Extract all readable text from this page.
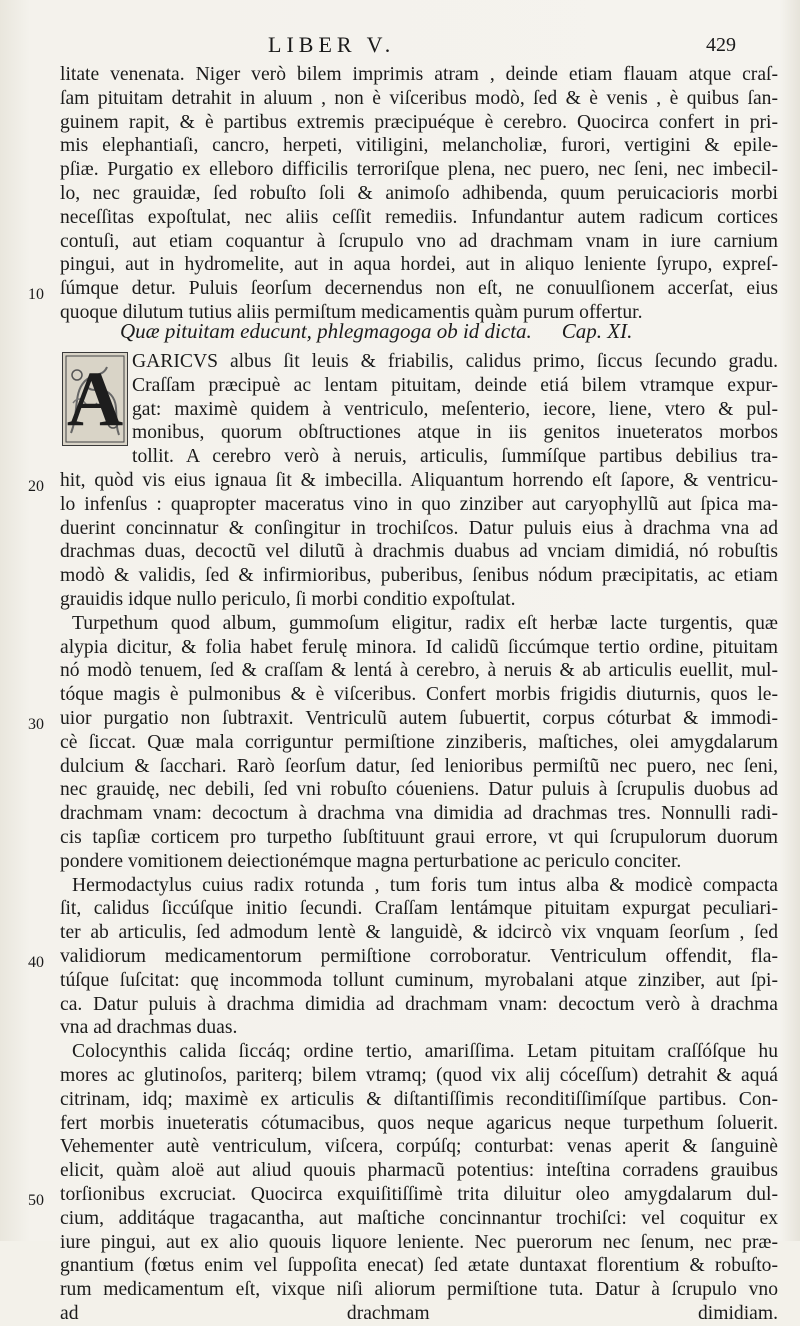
LIBER V.	429
Quæ pituitam educunt, phlegmagoga ob id dicta. Cap. XI.
A
litate venenata. Niger verò bilem imprimis atram , deinde etiam flauam atque craſ-
ſam pituitam detrahit in aluum , non è viſceribus modò, ſed & è venis , è quibus ſan-
guinem rapit, & è partibus extremis præcipuéque è cerebro. Quocirca confert in pri-
mis elephantiaſi, cancro, herpeti, vitiligini, melancholiæ, furori, vertigini & epile-
pſiæ. Purgatio ex elleboro difficilis terroriſque plena, nec puero, nec ſeni, nec imbecil-
lo, nec grauidæ, ſed robuſto ſoli & animoſo adhibenda, quum peruicacioris morbi
neceſſitas expoſtulat, nec aliis ceſſit remediis. Infundantur autem radicum cortices
contuſi, aut etiam coquantur à ſcrupulo vno ad drachmam vnam in iure carnium
pingui, aut in hydromelite, aut in aqua hordei, aut in aliquo leniente ſyrupo, expreſ-
ſúmque detur. Puluis ſeorſum decernendus non eſt, ne conuulſionem accerſat, eius
quoque dilutum tutius aliis permiſtum medicamentis quàm purum offertur.
GARICVS albus ſit leuis & friabilis, calidus primo, ſiccus ſecundo gradu.
Craſſam præcipuè ac lentam pituitam, deinde etiá bilem vtramque expur-
gat: maximè quidem à ventriculo, meſenterio, iecore, liene, vtero & pul-
monibus, quorum obſtructiones atque in iis genitos inueteratos morbos
tollit. A cerebro verò à neruis, articulis, ſummíſque partibus debilius tra-
hit, quòd vis eius ignaua ſit & imbecilla. Aliquantum horrendo eſt ſapore, & ventricu-
lo infenſus : quapropter maceratus vino in quo zinziber aut caryophyllũ aut ſpica ma-
duerint concinnatur & conſingitur in trochiſcos. Datur puluis eius à drachma vna ad
drachmas duas, decoctũ vel dilutũ à drachmis duabus ad vnciam dimidiá, nó robuſtis
modò & validis, ſed & infirmioribus, puberibus, ſenibus nódum præcipitatis, ac etiam
grauidis idque nullo periculo, ſi morbi conditio expoſtulat.
Turpethum quod album, gummoſum eligitur, radix eſt herbæ lacte turgentis, quæ
alypia dicitur, & folia habet ferulę minora. Id calidũ ſiccúmque tertio ordine, pituitam
nó modò tenuem, ſed & craſſam & lentá à cerebro, à neruis & ab articulis euellit, mul-
tóque magis è pulmonibus & è viſceribus. Confert morbis frigidis diuturnis, quos le-
uior purgatio non ſubtraxit. Ventriculũ autem ſubuertit, corpus cóturbat & immodi-
cè ſiccat. Quæ mala corriguntur permiſtione zinziberis, maſtiches, olei amygdalarum
dulcium & ſacchari. Rarò ſeorſum datur, ſed lenioribus permiſtũ nec puero, nec ſeni,
nec grauidę, nec debili, ſed vni robuſto cóueniens. Datur puluis à ſcrupulis duobus ad
drachmam vnam: decoctum à drachma vna dimidia ad drachmas tres. Nonnulli radi-
cis tapſiæ corticem pro turpetho ſubſtituunt graui errore, vt qui ſcrupulorum duorum
pondere vomitionem deiectionémque magna perturbatione ac periculo conciter.
Hermodactylus cuius radix rotunda , tum foris tum intus alba & modicè compacta
ſit, calidus ſiccúſque initio ſecundi. Craſſam lentámque pituitam expurgat peculiari-
ter ab articulis, ſed admodum lentè & languidè, & idcircò vix vnquam ſeorſum , ſed
validiorum medicamentorum permiſtione corroboratur. Ventriculum offendit, fla-
túſque ſuſcitat: quę incommoda tollunt cuminum, myrobalani atque zinziber, aut ſpi-
ca. Datur puluis à drachma dimidia ad drachmam vnam: decoctum verò à drachma
vna ad drachmas duas.
Colocynthis calida ſiccáq; ordine tertio, amariſſima. Letam pituitam craſſóſque hu
mores ac glutinoſos, pariterq; bilem vtramq; (quod vix alij cóceſſum) detrahit & aquá
citrinam, idq; maximè ex articulis & diſtantiſſimis reconditiſſimíſque partibus. Con-
fert morbis inueteratis cótumacibus, quos neque agaricus neque turpethum ſoluerit.
Vehementer autè ventriculum, viſcera, corpúſq; conturbat: venas aperit & ſanguinè
elicit, quàm aloë aut aliud quouis pharmacũ potentius: inteſtina corradens grauibus
torſionibus excruciat. Quocirca exquiſitiſſimè trita diluitur oleo amygdalarum dul-
cium, additáque tragacantha, aut maſtiche concinnantur trochiſci: vel coquitur ex
iure pingui, aut ex alio quouis liquore leniente. Nec puerorum nec ſenum, nec præ-
gnantium (fœtus enim vel ſuppoſita enecat) ſed ætate duntaxat florentium & robuſto-
rum medicamentum eſt, vixque niſi aliorum permiſtione tuta. Datur à ſcrupulo vno
ad drachmam dimidiam.
10
20
30
40
50
